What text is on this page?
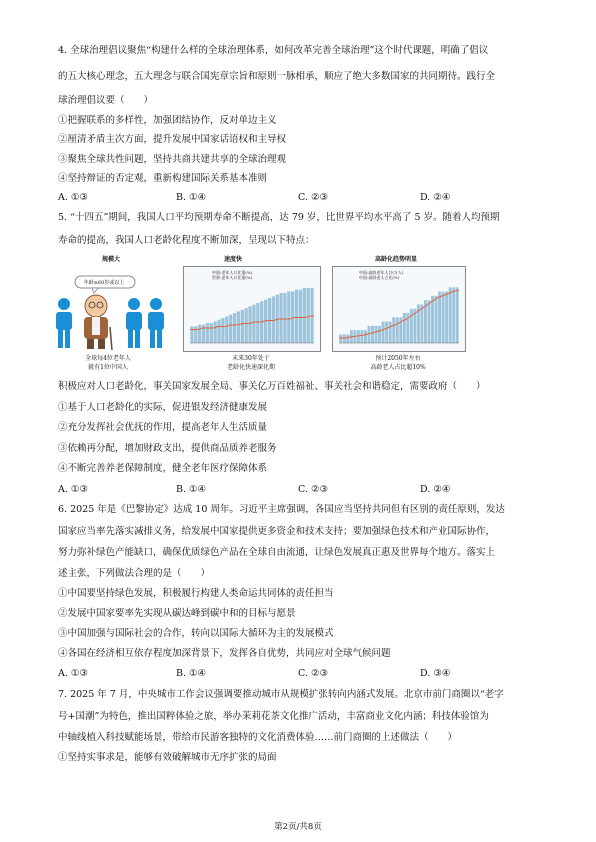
4. 全球治理倡议聚焦“构建什么样的全球治理体系，如何改革完善全球治理”这个时代课题，明确了倡议
的五大核心理念，五大理念与联合国宪章宗旨和原则一脉相承，顺应了绝大多数国家的共同期待。践行全
球治理倡议要（　　）
①把握联系的多样性，加强团结协作，反对单边主义
②厘清矛盾主次方面，提升发展中国家话语权和主导权
③聚焦全球共性问题，坚持共商共建共享的全球治理观
④坚持辩证的否定观，重新构建国际关系基本准则
A. ①③	B. ①④	C. ②③	D. ②④
5. “十四五”期间，我国人口平均预期寿命不断提高，达 79 岁，比世界平均水平高了 5 岁。随着人均预期
寿命的提高，我国人口老龄化程度不断加深，呈现以下特点：
规模大
年龄≥60岁或以上
全球每4位老年人
就有1位中国人
速度快
中国:老年人口比重(%)
世界:老年人口比重(%)
未来30年处于
老龄化快速深化期
高龄化趋势明显
中国:高龄老年人口(万人)
中国:高龄老人占比(%)
预计2050年左右
高龄老人占比超10%
积极应对人口老龄化，事关国家发展全局、事关亿万百姓福祉、事关社会和谐稳定，需要政府（　　）
①基于人口老龄化的实际，促进银发经济健康发展
②充分发挥社会优抚的作用，提高老年人生活质量
③依赖再分配，增加财政支出，提供商品质养老服务
④不断完善养老保障制度，健全老年医疗保障体系
A. ①③	B. ①④	C. ②③	D. ②④
6. 2025 年是《巴黎协定》达成 10 周年。习近平主席强调，各国应当坚持共同但有区别的责任原则，发达
国家应当率先落实减排义务，给发展中国家提供更多资金和技术支持；要加强绿色技术和产业国际协作，
努力弥补绿色产能缺口，确保优质绿色产品在全球自由流通，让绿色发展真正惠及世界每个地方。落实上
述主张，下列做法合理的是（　　）
①中国要坚持绿色发展，积极履行构建人类命运共同体的责任担当
②发展中国家要率先实现从碳达峰到碳中和的目标与愿景
③中国加强与国际社会的合作，转向以国际大循环为主的发展模式
④各国在经济相互依存程度加深背景下，发挥各自优势，共同应对全球气候问题
A. ①③	B. ①④	C. ②③	D. ③④
7. 2025 年 7 月，中央城市工作会议强调要推动城市从规模扩张转向内涵式发展。北京市前门商圈以“老字
号+国潮”为特色，推出国粹体验之旅，举办茉莉花茶文化推广活动，丰富商业文化内涵；科技体验馆为
中轴线植入科技赋能场景，带给市民游客独特的文化消费体验……前门商圈的上述做法（　　）
①坚持实事求是，能够有效破解城市无序扩张的局面
第2页/共8页
